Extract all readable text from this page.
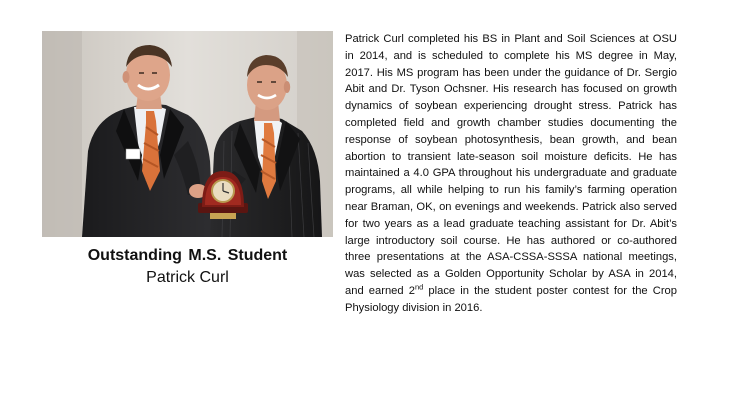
Outstanding M.S. Student
Patrick Curl

Patrick Curl completed his BS in Plant and Soil Sciences at OSU in 2014, and is scheduled to complete his MS degree in May, 2017. His MS program has been under the guidance of Dr. Sergio Abit and Dr. Tyson Ochsner. His research has focused on growth dynamics of soybean experiencing drought stress. Patrick has completed field and growth chamber studies documenting the response of soybean photosynthesis, bean growth, and bean abortion to transient late-season soil moisture deficits. He has maintained a 4.0 GPA throughout his undergraduate and graduate programs, all while helping to run his family’s farming operation near Braman, OK, on evenings and weekends. Patrick also served for two years as a lead graduate teaching assistant for Dr. Abit’s large introductory soil course. He has authored or co-authored three presentations at the ASA-CSSA-SSSA national meetings, was selected as a Golden Opportunity Scholar by ASA in 2014, and earned 2nd place in the student poster contest for the Crop Physiology division in 2016.
